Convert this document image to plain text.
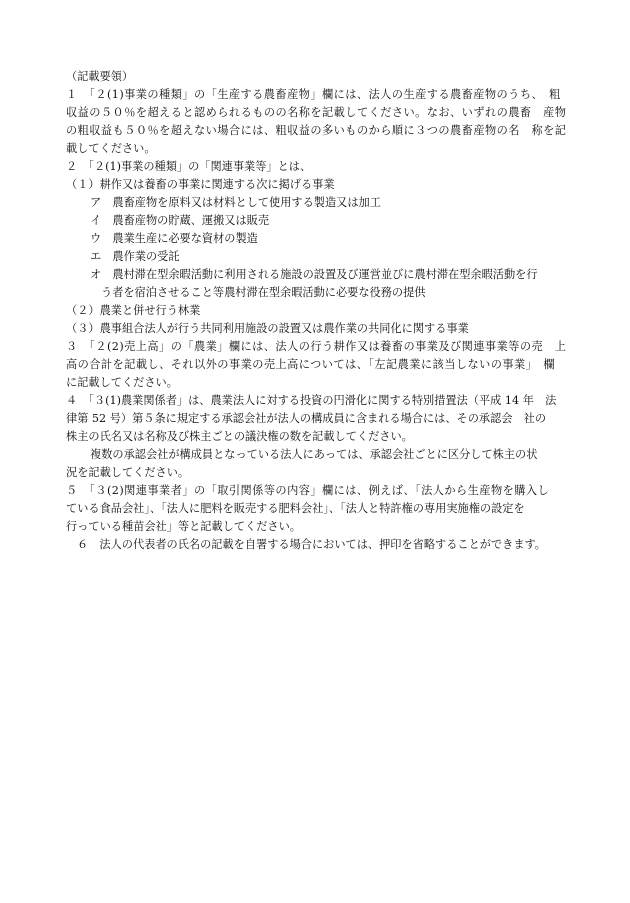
（記載要領）
１　「２(1)事業の種類」の「生産する農畜産物」欄には、法人の生産する農畜産物のうち、　粗
収益の５０％を超えると認められるものの名称を記載してください。なお、いずれの農畜　産物
の粗収益も５０％を超えない場合には、粗収益の多いものから順に３つの農畜産物の名　称を記
載してください。
２　「２(1)事業の種類」の「関連事業等」とは、
（１）耕作又は養畜の事業に関連する次に掲げる事業
ア　農畜産物を原料又は材料として使用する製造又は加工
イ　農畜産物の貯蔵、運搬又は販売
ウ　農業生産に必要な資材の製造
エ　農作業の受託
オ　農村滞在型余暇活動に利用される施設の設置及び運営並びに農村滞在型余暇活動を行
う者を宿泊させること等農村滞在型余暇活動に必要な役務の提供
（２）農業と併せ行う林業
（３）農事組合法人が行う共同利用施設の設置又は農作業の共同化に関する事業
３　「２(2)売上高」の「農業」欄には、法人の行う耕作又は養畜の事業及び関連事業等の売　上
高の合計を記載し、それ以外の事業の売上高については、「左記農業に該当しないの事業」　欄
に記載してください。
４　「３(1)農業関係者」は、農業法人に対する投資の円滑化に関する特別措置法（平成 14 年　法
律第 52 号）第５条に規定する承認会社が法人の構成員に含まれる場合には、その承認会　社の
株主の氏名又は名称及び株主ごとの議決権の数を記載してください。
複数の承認会社が構成員となっている法人にあっては、承認会社ごとに区分して株主の状
況を記載してください。
５　「３(2)関連事業者」の「取引関係等の内容」欄には、例えば、「法人から生産物を購入し
ている食品会社」、「法人に肥料を販売する肥料会社」、「法人と特許権の専用実施権の設定を
行っている種苗会社」等と記載してください。
６　法人の代表者の氏名の記載を自署する場合においては、押印を省略することができます。
